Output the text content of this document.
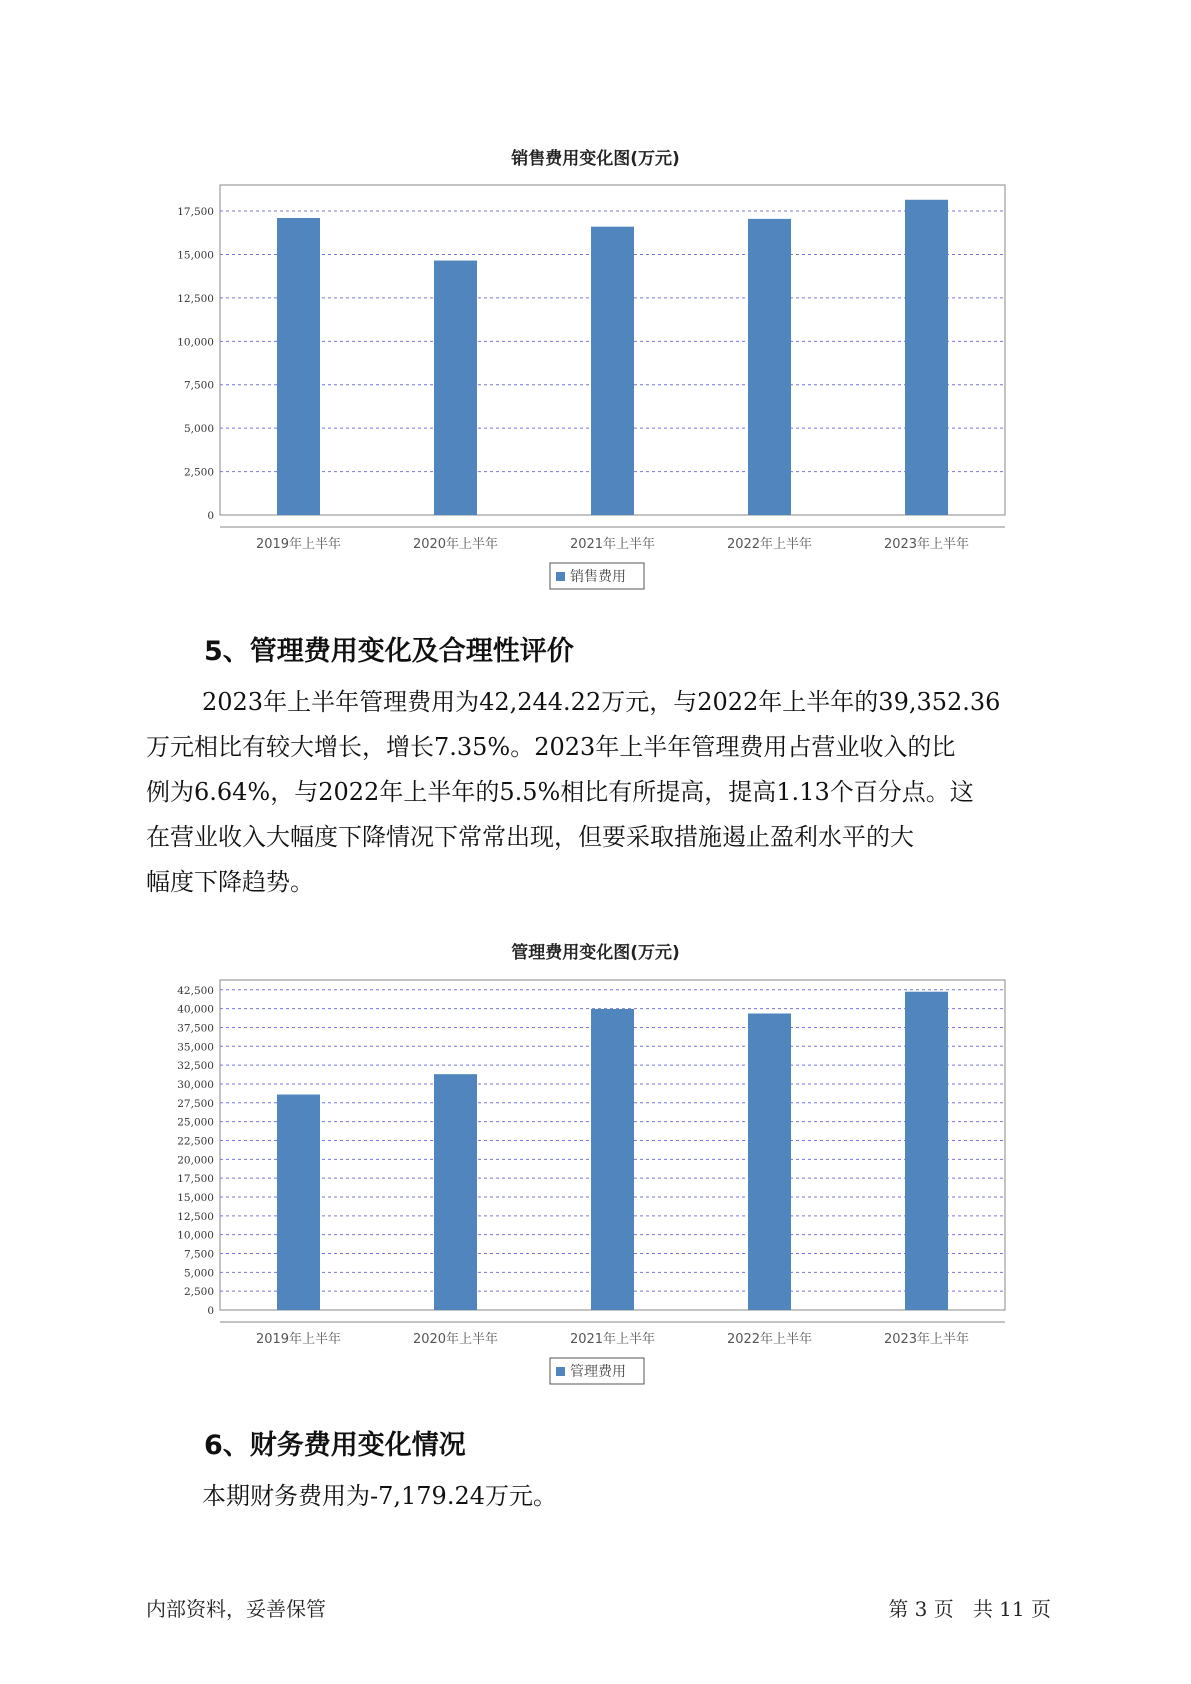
销售费用变化图(万元)
0
2,500
5,000
7,500
10,000
12,500
15,000
17,500
2019年上半年	2020年上半年	2021年上半年	2022年上半年	2023年上半年
销售费用
5、管理费用变化及合理性评价

2023年上半年管理费用为42,244.22万元，与2022年上半年的39,352.36

万元相比有较大增长，增长7.35%。2023年上半年管理费用占营业收入的比

例为6.64%，与2022年上半年的5.5%相比有所提高，提高1.13个百分点。这

在营业收入大幅度下降情况下常常出现，但要采取措施遏止盈利水平的大

幅度下降趋势。

管理费用变化图(万元)
0
2,500
5,000
7,500
10,000
12,500
15,000
17,500
20,000
22,500
25,000
27,500
30,000
32,500
35,000
37,500
40,000
42,500
2019年上半年	2020年上半年	2021年上半年	2022年上半年	2023年上半年
管理费用
6、财务费用变化情况

本期财务费用为-7,179.24万元。

内部资料，妥善保管	第 3 页   共 11 页
